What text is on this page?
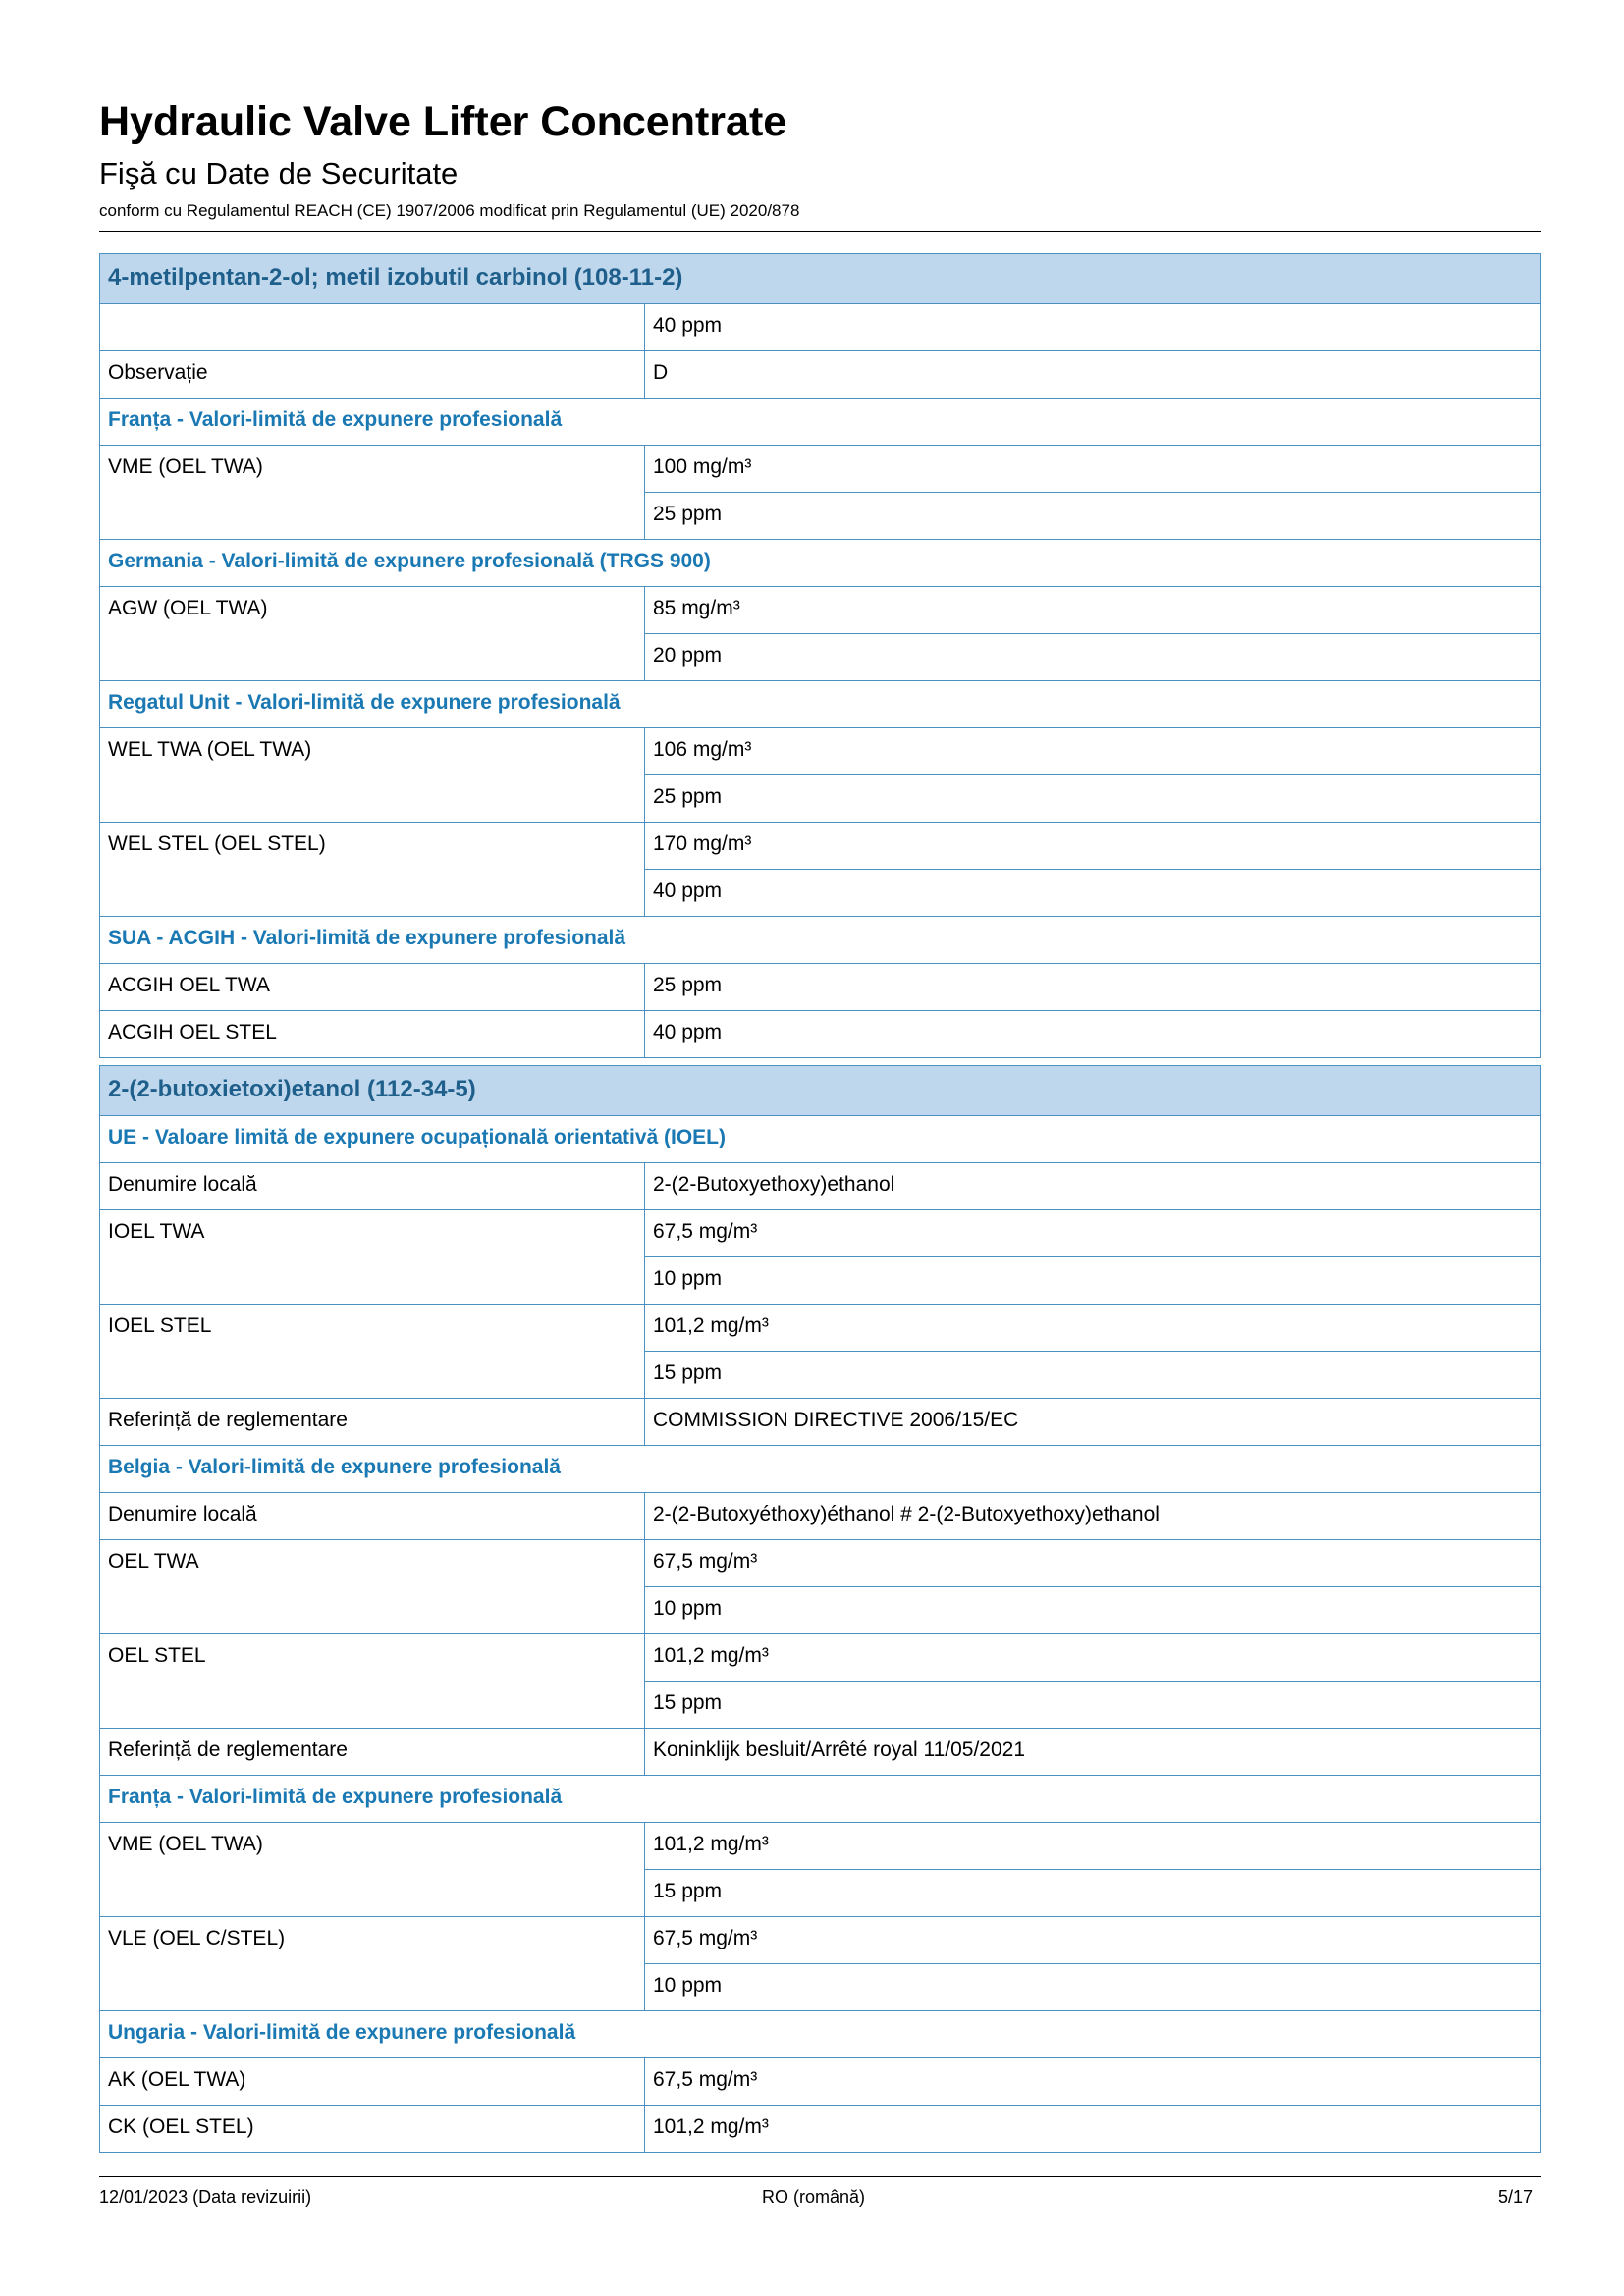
Hydraulic Valve Lifter Concentrate
Fişă cu Date de Securitate
conform cu Regulamentul REACH (CE) 1907/2006 modificat prin Regulamentul (UE) 2020/878
4-metilpentan-2-ol; metil izobutil carbinol (108-11-2)	
	40 ppm
Observație	D
Franța - Valori-limită de expunere profesională	
VME (OEL TWA)	100 mg/m³
	25 ppm
Germania - Valori-limită de expunere profesională (TRGS 900)	
AGW (OEL TWA)	85 mg/m³
	20 ppm
Regatul Unit - Valori-limită de expunere profesională	
WEL TWA (OEL TWA)	106 mg/m³
	25 ppm
WEL STEL (OEL STEL)	170 mg/m³
	40 ppm
SUA - ACGIH - Valori-limită de expunere profesională	
ACGIH OEL TWA	25 ppm
ACGIH OEL STEL	40 ppm
2-(2-butoxietoxi)etanol (112-34-5)	
UE - Valoare limită de expunere ocupațională orientativă (IOEL)	
Denumire locală	2-(2-Butoxyethoxy)ethanol
IOEL TWA	67,5 mg/m³
	10 ppm
IOEL STEL	101,2 mg/m³
	15 ppm
Referință de reglementare	COMMISSION DIRECTIVE 2006/15/EC
Belgia - Valori-limită de expunere profesională	
Denumire locală	2-(2-Butoxyéthoxy)éthanol # 2-(2-Butoxyethoxy)ethanol
OEL TWA	67,5 mg/m³
	10 ppm
OEL STEL	101,2 mg/m³
	15 ppm
Referință de reglementare	Koninklijk besluit/Arrêté royal 11/05/2021
Franța - Valori-limită de expunere profesională	
VME (OEL TWA)	101,2 mg/m³
	15 ppm
VLE (OEL C/STEL)	67,5 mg/m³
	10 ppm
Ungaria - Valori-limită de expunere profesională	
AK (OEL TWA)	67,5 mg/m³
CK (OEL STEL)	101,2 mg/m³
12/01/2023 (Data revizuirii)	RO (română)	5/17
